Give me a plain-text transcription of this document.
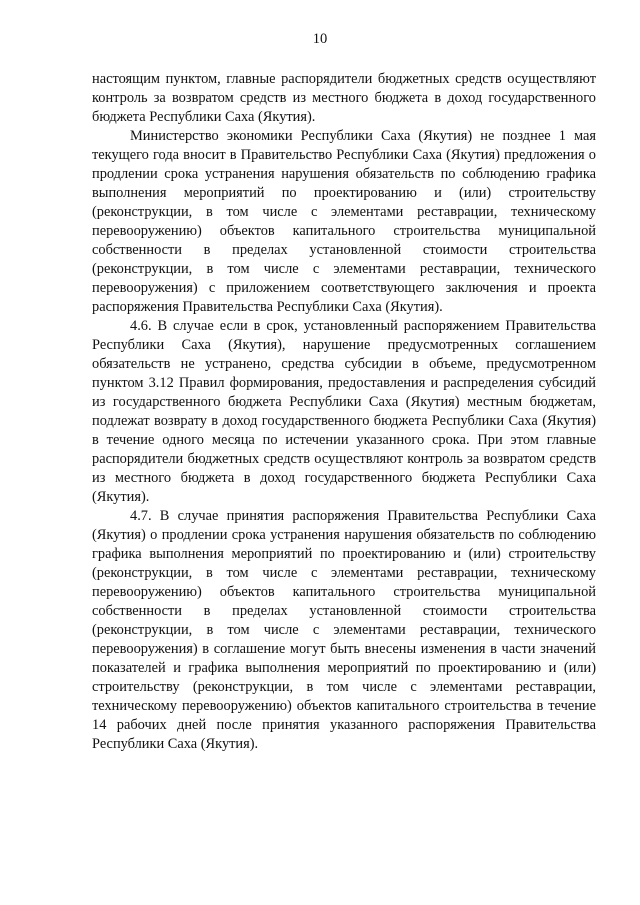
10

настоящим пунктом, главные распорядители бюджетных средств осуществляют контроль за возвратом средств из местного бюджета в доход государственного бюджета Республики Саха (Якутия).

Министерство экономики Республики Саха (Якутия) не позднее 1 мая текущего года вносит в Правительство Республики Саха (Якутия) предложения о продлении срока устранения нарушения обязательств по соблюдению графика выполнения мероприятий по проектированию и (или) строительству (реконструкции, в том числе с элементами реставрации, техническому перевооружению) объектов капитального строительства муниципальной собственности в пределах установленной стоимости строительства (реконструкции, в том числе с элементами реставрации, технического перевооружения) с приложением соответствующего заключения и проекта распоряжения Правительства Республики Саха (Якутия).

4.6. В случае если в срок, установленный распоряжением Правительства Республики Саха (Якутия), нарушение предусмотренных соглашением обязательств не устранено, средства субсидии в объеме, предусмотренном пунктом 3.12 Правил формирования, предоставления и распределения субсидий из государственного бюджета Республики Саха (Якутия) местным бюджетам, подлежат возврату в доход государственного бюджета Республики Саха (Якутия) в течение одного месяца по истечении указанного срока. При этом главные распорядители бюджетных средств осуществляют контроль за возвратом средств из местного бюджета в доход государственного бюджета Республики Саха (Якутия).

4.7. В случае принятия распоряжения Правительства Республики Саха (Якутия) о продлении срока устранения нарушения обязательств по соблюдению графика выполнения мероприятий по проектированию и (или) строительству (реконструкции, в том числе с элементами реставрации, техническому перевооружению) объектов капитального строительства муниципальной собственности в пределах установленной стоимости строительства (реконструкции, в том числе с элементами реставрации, технического перевооружения) в соглашение могут быть внесены изменения в части значений показателей и графика выполнения мероприятий по проектированию и (или) строительству (реконструкции, в том числе с элементами реставрации, техническому перевооружению) объектов капитального строительства в течение 14 рабочих дней после принятия указанного распоряжения Правительства Республики Саха (Якутия).
